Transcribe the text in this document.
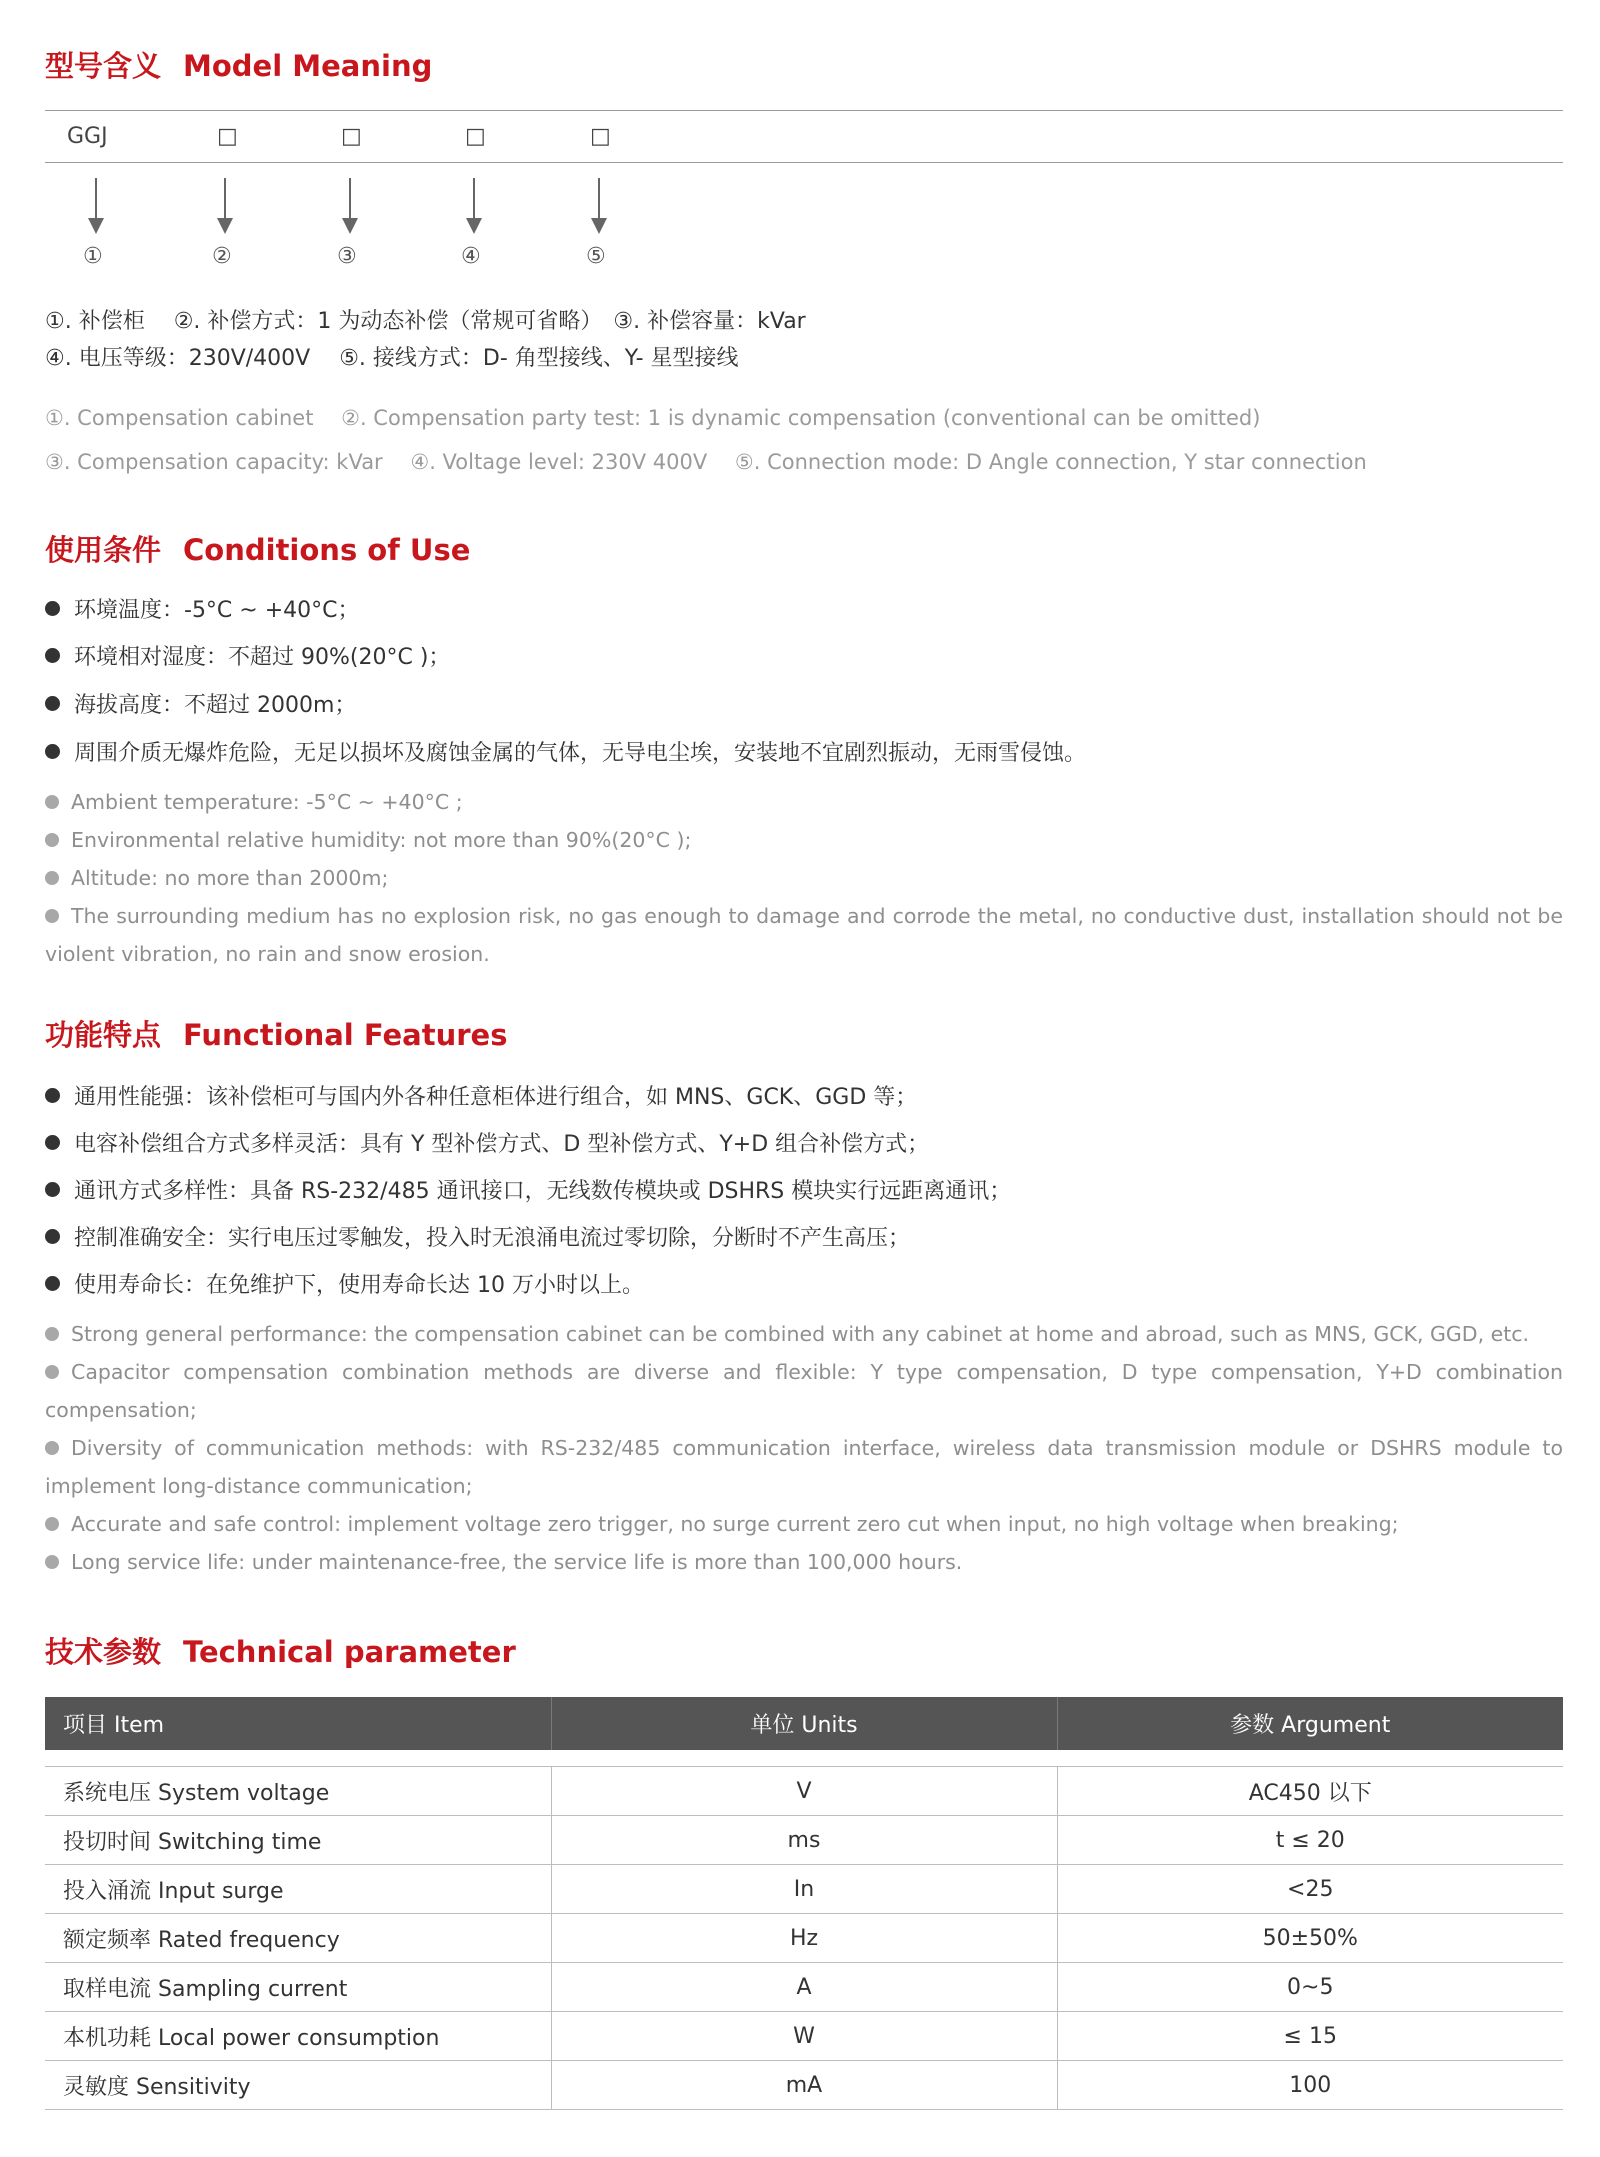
型号含义 Model Meaning
GGJ	□	□	□	□
①	②	③	④	⑤
①. 补偿柜　 ②. 补偿方式：1 为动态补偿（常规可省略）　③. 补偿容量：kVar
④. 电压等级：230V/400V　 ⑤. 接线方式：D- 角型接线、Y- 星型接线
①. Compensation cabinet　 ②. Compensation party test: 1 is dynamic compensation (conventional can be omitted)
③. Compensation capacity: kVar　 ④. Voltage level: 230V 400V　 ⑤. Connection mode: D Angle connection, Y star connection
使用条件 Conditions of Use
环境温度：-5°C ~ +40°C；
环境相对湿度：不超过 90%(20°C )；
海拔高度：不超过 2000m；
周围介质无爆炸危险，无足以损坏及腐蚀金属的气体，无导电尘埃，安装地不宜剧烈振动，无雨雪侵蚀。
Ambient temperature: -5°C ~ +40°C ;
Environmental relative humidity: not more than 90%(20°C );
Altitude: no more than 2000m;
The surrounding medium has no explosion risk, no gas enough to damage and corrode the metal, no conductive dust, installation should not be violent vibration, no rain and snow erosion.
功能特点 Functional Features
通用性能强：该补偿柜可与国内外各种任意柜体进行组合，如 MNS、GCK、GGD 等；
电容补偿组合方式多样灵活：具有 Y 型补偿方式、D 型补偿方式、Y+D 组合补偿方式；
通讯方式多样性：具备 RS-232/485 通讯接口，无线数传模块或 DSHRS 模块实行远距离通讯；
控制准确安全：实行电压过零触发，投入时无浪涌电流过零切除，分断时不产生高压；
使用寿命长：在免维护下，使用寿命长达 10 万小时以上。
Strong general performance: the compensation cabinet can be combined with any cabinet at home and abroad, such as MNS, GCK, GGD, etc.
Capacitor compensation combination methods are diverse and flexible: Y type compensation, D type compensation, Y+D combination compensation;
Diversity of communication methods: with RS-232/485 communication interface, wireless data transmission module or DSHRS module to implement long-distance communication;
Accurate and safe control: implement voltage zero trigger, no surge current zero cut when input, no high voltage when breaking;
Long service life: under maintenance-free, the service life is more than 100,000 hours.
技术参数 Technical parameter
项目 Item	单位 Units	参数 Argument

系统电压 System voltage	V	AC450 以下
投切时间 Switching time	ms	t ≤ 20
投入涌流 Input surge	In	<25
额定频率 Rated frequency	Hz	50±50%
取样电流 Sampling current	A	0~5
本机功耗 Local power consumption	W	≤ 15
灵敏度 Sensitivity	mA	100
